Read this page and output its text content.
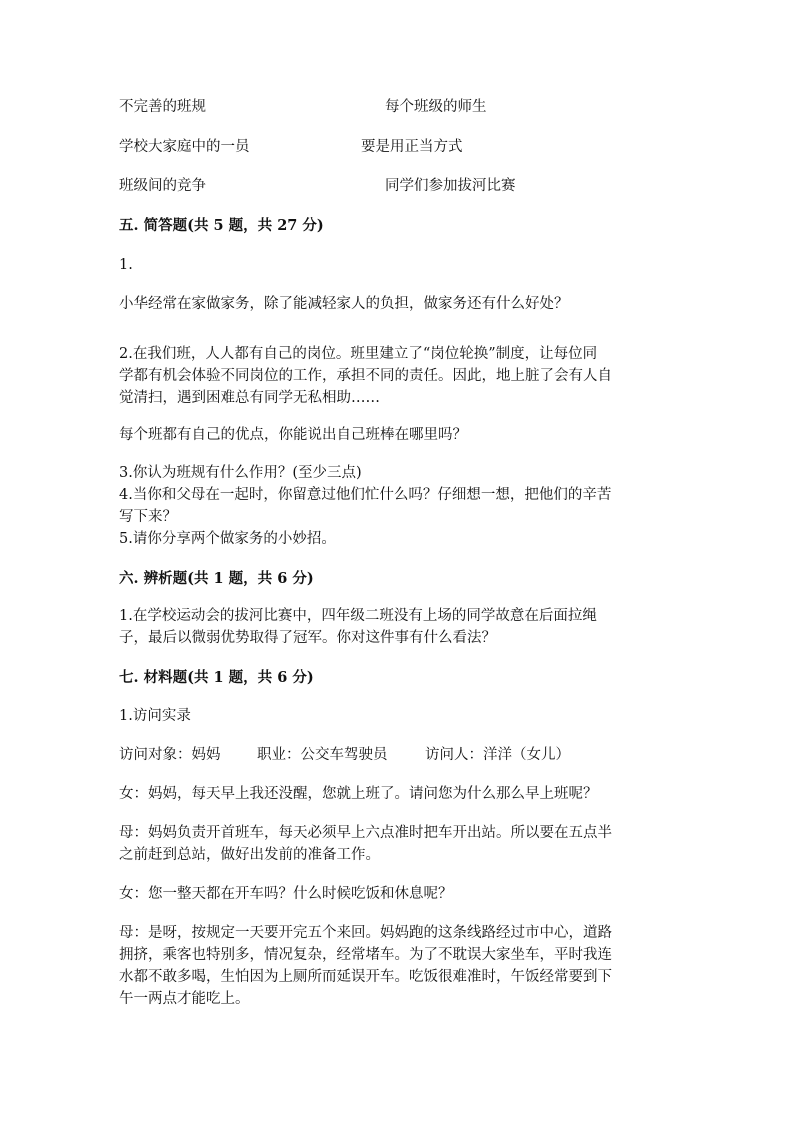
不完善的班规	每个班级的师生
学校大家庭中的一员	要是用正当方式
班级间的竞争	同学们参加拔河比赛
五. 简答题(共 5 题，共 27 分)
1.
小华经常在家做家务，除了能减轻家人的负担，做家务还有什么好处？
2.在我们班，人人都有自己的岗位。班里建立了“岗位轮换”制度，让每位同
学都有机会体验不同岗位的工作，承担不同的责任。因此，地上脏了会有人自
觉清扫，遇到困难总有同学无私相助……
每个班都有自己的优点，你能说出自己班棒在哪里吗？
3.你认为班规有什么作用？(至少三点)
4.当你和父母在一起时，你留意过他们忙什么吗？仔细想一想，把他们的辛苦
写下来？
5.请你分享两个做家务的小妙招。
六. 辨析题(共 1 题，共 6 分)
1.在学校运动会的拔河比赛中，四年级二班没有上场的同学故意在后面拉绳
子，最后以微弱优势取得了冠军。你对这件事有什么看法？
七. 材料题(共 1 题，共 6 分)
1.访问实录
访问对象：妈妈	职业：公交车驾驶员	访问人：洋洋（女儿）
女：妈妈，每天早上我还没醒，您就上班了。请问您为什么那么早上班呢？
母：妈妈负责开首班车，每天必须早上六点准时把车开出站。所以要在五点半
之前赶到总站，做好出发前的准备工作。
女：您一整天都在开车吗？什么时候吃饭和休息呢？
母：是呀，按规定一天要开完五个来回。妈妈跑的这条线路经过市中心，道路
拥挤，乘客也特别多，情况复杂，经常堵车。为了不耽误大家坐车，平时我连
水都不敢多喝，生怕因为上厕所而延误开车。吃饭很难准时，午饭经常要到下
午一两点才能吃上。
